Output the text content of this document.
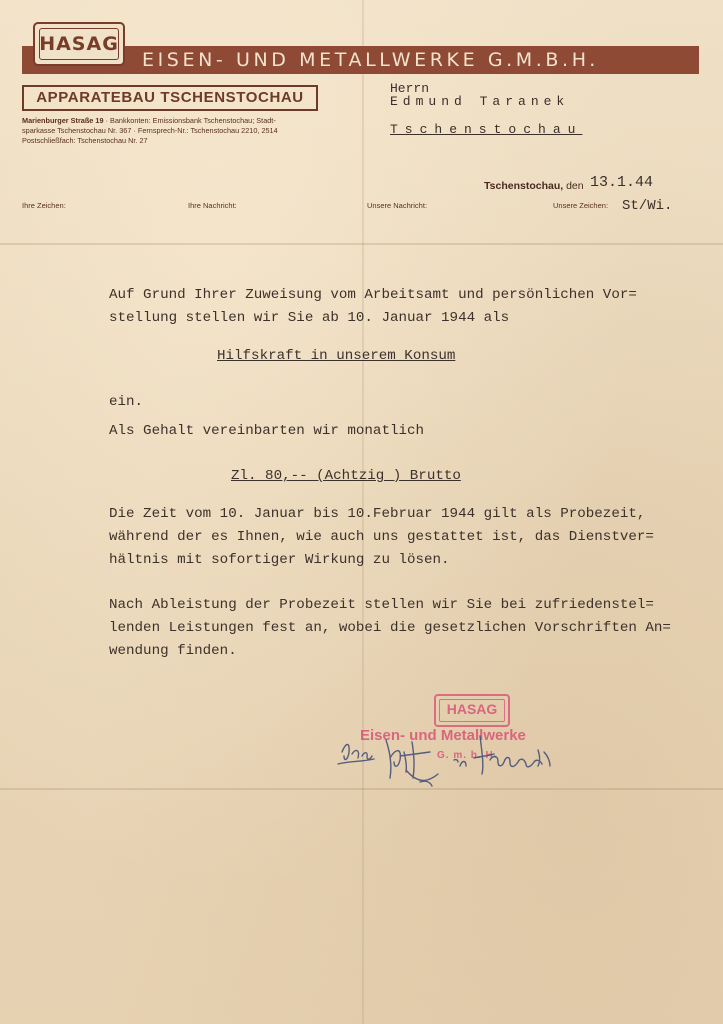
EISEN- UND METALLWERKE G.M.B.H.
HASAG
APPARATEBAU TSCHENSTOCHAU
Marienburger Straße 19 · Bankkonten: Emissionsbank Tschenstochau; Stadt-
sparkasse Tschenstochau Nr. 367 · Fernsprech-Nr.: Tschenstochau 2210, 2514
Postschließfach: Tschenstochau Nr. 27
Herrn
Edmund Taranek
Tschenstochau
Tschenstochau, den 13.1.44
Ihre Zeichen:	Ihre Nachricht:	Unsere Nachricht:	Unsere Zeichen: St/Wi.
Auf Grund Ihrer Zuweisung vom Arbeitsamt und persönlichen Vor=
stellung stellen wir Sie ab 10. Januar 1944 als
Hilfskraft in unserem Konsum
ein.
Als Gehalt vereinbarten wir monatlich
Zl. 80,-- (Achtzig ) Brutto
Die Zeit vom 10. Januar bis 10.Februar 1944 gilt als Probezeit,
während der es Ihnen, wie auch uns gestattet ist, das Dienstver=
hältnis mit sofortiger Wirkung zu lösen.
Nach Ableistung der Probezeit stellen wir Sie bei zufriedenstel=
lenden Leistungen fest an, wobei die gesetzlichen Vorschriften An=
wendung finden.
HASAG
Eisen- und Metallwerke
G. m. b. H.
